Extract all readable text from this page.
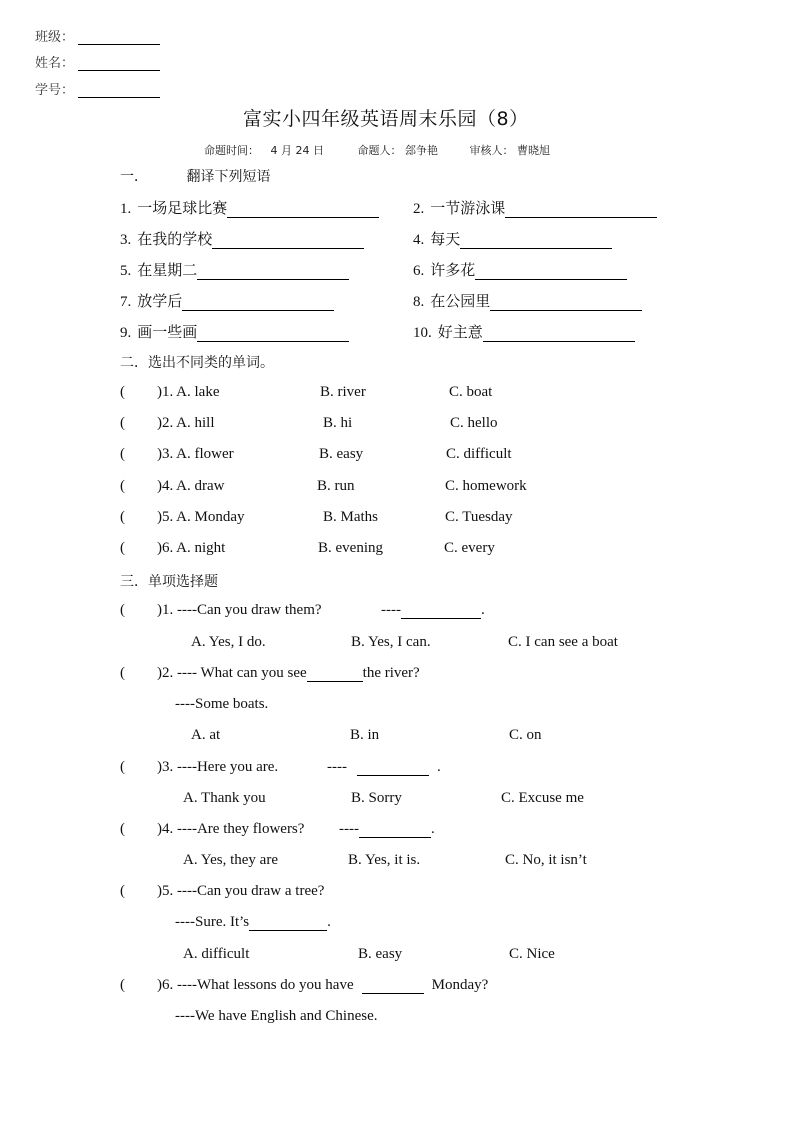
班级：
姓名：
学号：
富实小四年级英语周末乐园（8）
命题时间： 4 月 24 日	命题人： 郐争艳	审核人： 曹晓旭
一．	翻译下列短语
1. 一场足球比赛	2. 一节游泳课
3. 在我的学校	4. 每天
5. 在星期二	6. 许多花
7. 放学后	8. 在公园里
9. 画一些画	10. 好主意
二．选出不同类的单词。
( )1. A. lake	B. river	C. boat
( )2. A. hill	B. hi	C. hello
( )3. A. flower	B. easy	C. difficult
( )4. A. draw	B. run	C. homework
( )5. A. Monday	B. Maths	C. Tuesday
( )6. A. night	B. evening	C. every
三．单项选择题
( )1. ----Can you draw them?	----	.
A. Yes, I do.	B. Yes, I can.	C. I can see a boat
( )2. ---- What can you see	the river?
----Some boats.
A. at	B. in	C. on
( )3. ----Here you are.	----	.
A. Thank you	B. Sorry	C. Excuse me
( )4. ----Are they flowers? ----	.
A. Yes, they are	B. Yes, it is.	C. No, it isn’t
( )5. ----Can you draw a tree?
----Sure. It’s	.
A. difficult	B. easy	C. Nice
( )6. ----What lessons do you have	Monday?
----We have English and Chinese.
